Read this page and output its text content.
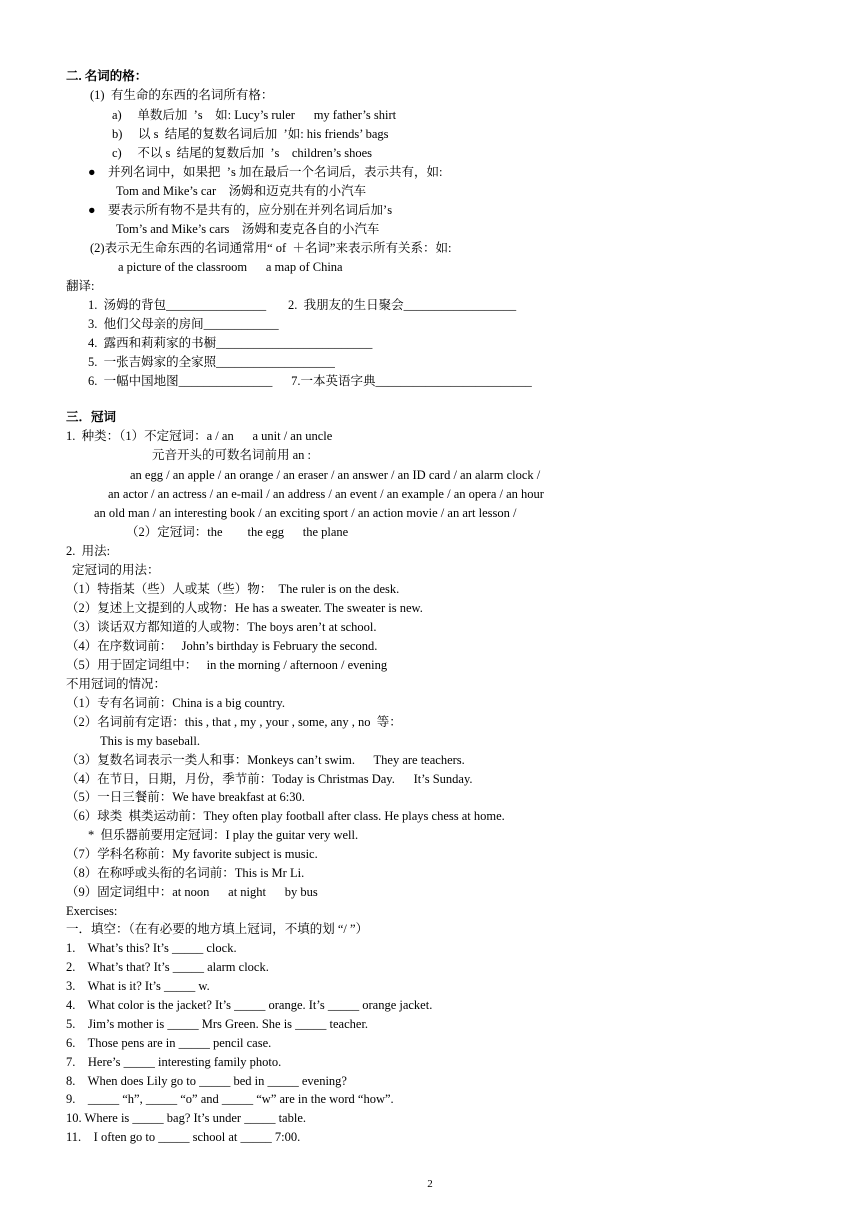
二. 名词的格：
(1)  有生命的东西的名词所有格：
a)     单数后加  ’s    如: Lucy’s ruler      my father’s shirt
b)     以 s  结尾的复数名词后加  ’如: his friends’ bags
c)     不以 s  结尾的复数后加  ’s    children’s shoes
●    并列名词中，如果把  ’s 加在最后一个名词后，表示共有，如:
Tom and Mike’s car    汤姆和迈克共有的小汽车
●    要表示所有物不是共有的，应分别在并列名词后加’s
Tom’s and Mike’s cars    汤姆和麦克各自的小汽车
(2)表示无生命东西的名词通常用“ of  ＋名词”来表示所有关系：如:
a picture of the classroom      a map of China
翻译:
1.  汤姆的背包________________       2.  我朋友的生日聚会__________________
3.  他们父母亲的房间____________
4.  露西和莉莉家的书橱_________________________
5.  一张吉姆家的全家照___________________
6.  一幅中国地图_______________      7.一本英语字典_________________________
三．冠词
1.  种类：（1）不定冠词：a / an      a unit / an uncle
元音开头的可数名词前用 an :
an egg / an apple / an orange / an eraser / an answer / an ID card / an alarm clock /
an actor / an actress / an e-mail / an address / an event / an example / an opera / an hour
an old man / an interesting book / an exciting sport / an action movie / an art lesson /
（2）定冠词：the        the egg      the plane
2.  用法:
定冠词的用法：
（1）特指某（些）人或某（些）物：  The ruler is on the desk.
（2）复述上文提到的人或物：He has a sweater. The sweater is new.
（3）谈话双方都知道的人或物：The boys aren’t at school.
（4）在序数词前：   John’s birthday is February the second.
（5）用于固定词组中：   in the morning / afternoon / evening
不用冠词的情况：
（1）专有名词前：China is a big country.
（2）名词前有定语：this , that , my , your , some, any , no  等：
This is my baseball.
（3）复数名词表示一类人和事：Monkeys can’t swim.      They are teachers.
（4）在节日，日期，月份，季节前：Today is Christmas Day.      It’s Sunday.
（5）一日三餐前：We have breakfast at 6:30.
（6）球类  棋类运动前：They often play football after class. He plays chess at home.
*  但乐器前要用定冠词：I play the guitar very well.
（7）学科名称前：My favorite subject is music.
（8）在称呼或头衔的名词前：This is Mr Li.
（9）固定词组中：at noon      at night      by bus
Exercises:
一．填空：（在有必要的地方填上冠词，不填的划 “/ ”）
1.    What’s this? It’s _____ clock.
2.    What’s that? It’s _____ alarm clock.
3.    What is it? It’s _____ w.
4.    What color is the jacket? It’s _____ orange. It’s _____ orange jacket.
5.    Jim’s mother is _____ Mrs Green. She is _____ teacher.
6.    Those pens are in _____ pencil case.
7.    Here’s _____ interesting family photo.
8.    When does Lily go to _____ bed in _____ evening?
9.    _____ “h”, _____ “o” and _____ “w” are in the word “how”.
10. Where is _____ bag? It’s under _____ table.
11.    I often go to _____ school at _____ 7:00.
2
